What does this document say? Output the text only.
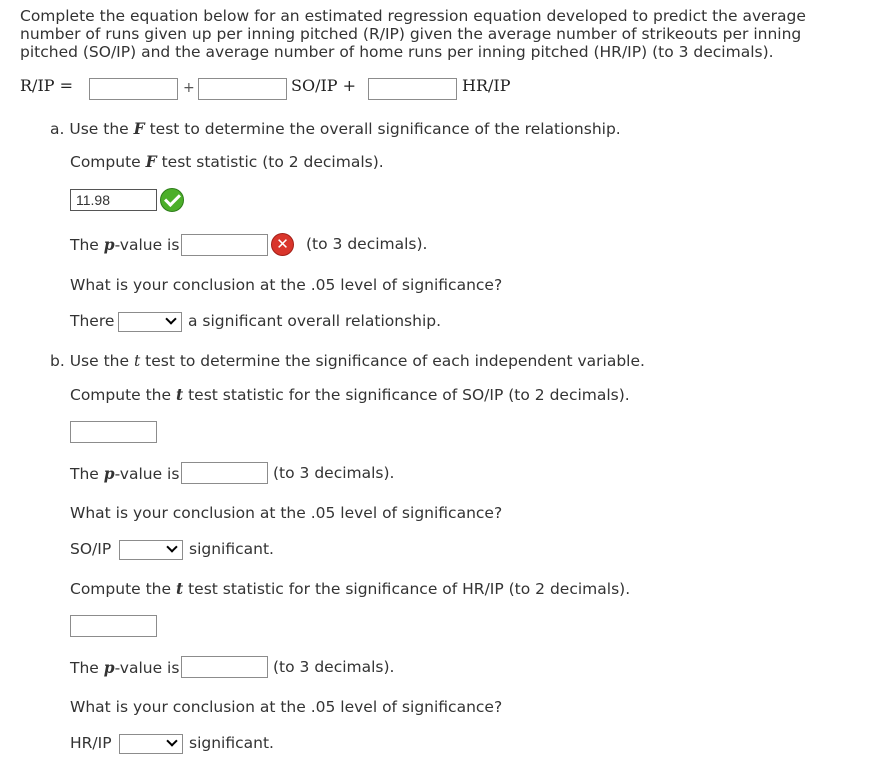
Complete the equation below for an estimated regression equation developed to predict the average number of runs given up per inning pitched (R/IP) given the average number of strikeouts per inning pitched (SO/IP) and the average number of home runs per inning pitched (HR/IP) (to 3 decimals).
R/IP =	+	SO/IP +	HR/IP
a. Use the F test to determine the overall significance of the relationship.
Compute F test statistic (to 2 decimals).
11.98
The p-value is	✕	(to 3 decimals).
What is your conclusion at the .05 level of significance?
There	a significant overall relationship.
b. Use the t test to determine the significance of each independent variable.
Compute the t test statistic for the significance of SO/IP (to 2 decimals).
The p-value is	(to 3 decimals).
What is your conclusion at the .05 level of significance?
SO/IP	significant.
Compute the t test statistic for the significance of HR/IP (to 2 decimals).
The p-value is	(to 3 decimals).
What is your conclusion at the .05 level of significance?
HR/IP	significant.
